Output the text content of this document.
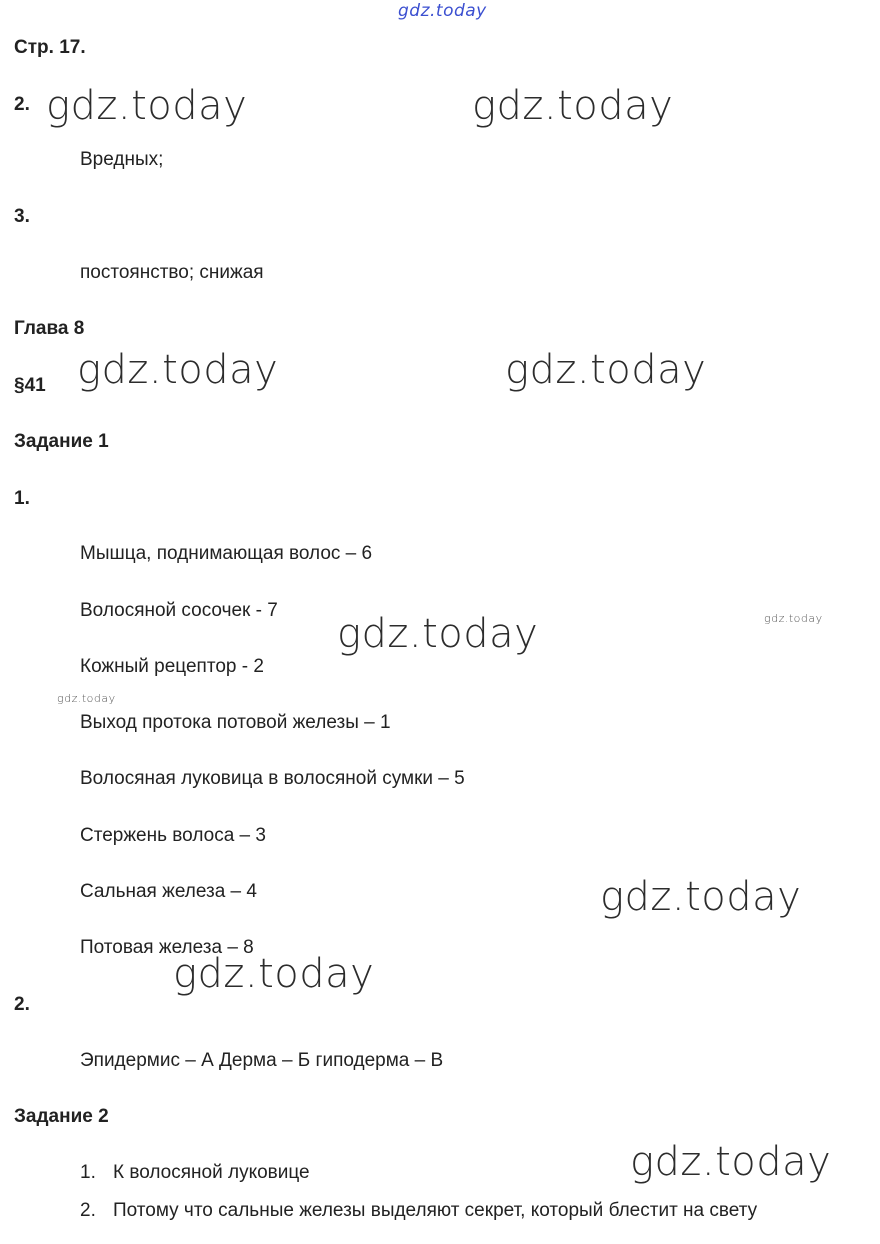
gdz.today
Стр. 17.
2. gdz.today	gdz.today
Вредных;
3.
постоянство; снижая
Глава 8
§41 gdz.today	gdz.today
Задание 1
1.
Мышца, поднимающая волос – 6
Волосяной сосочек - 7
gdz.today	gdz.today
Кожный рецептор - 2
gdz.today
Выход протока потовой железы – 1
Волосяная луковица в волосяной сумки – 5
Стержень волоса – 3
Сальная железа – 4	gdz.today
Потовая железа – 8
gdz.today
2.
Эпидермис – А Дерма – Б гиподерма – В
Задание 2
1. К волосяной луковице	gdz.today
2. Потому что сальные железы выделяют секрет, который блестит на свету
